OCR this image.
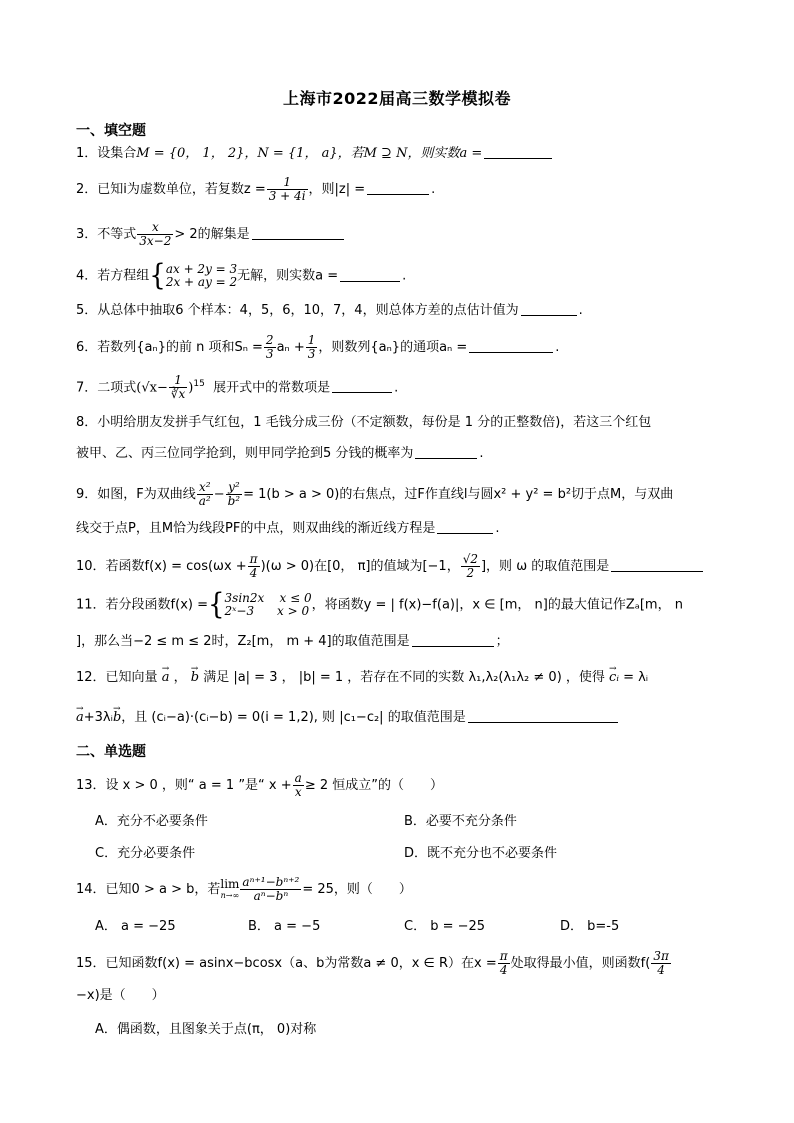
上海市2022届高三数学模拟卷
一、填空题
1．设集合M = {0， 1， 2}，N = {1， a}，若M ⊇ N，则实数a =
2．已知i为虚数单位，若复数$z = \frac{1}{3 + 4i}$ ，则|z| =	.
3．不等式 $\frac{x}{3x-2} > 2$的解集是
4．若方程组{ ax + 2y = 3
2x + ay = 2 无解，则实数a =	.
5．从总体中抽取6 个样本：4，5，6，10，7，4，则总体方差的点估计值为	.
6．若数列{aₙ}的前 n 项和$S_n = \frac{2}{3}$ $a_n + \frac{1}{3}$ ，则数列{aₙ}的通项aₙ =	.
7．二项式$(√x- \frac{1}{∛x} )^{15}$ 展开式中的常数项是	.
8．小明给朋友发拼手气红包，1 毛钱分成三份（不定额数，每份是 1 分的正整数倍)，若这三个红包
被甲、乙、丙三位同学抢到，则甲同学抢到5 分钱的概率为	.
9．如图，F为双曲线 $\frac{\text{x²}}{\text{a²}} - \frac{\text{y²}}{\text{b²}} = 1(b > a > 0)$的右焦点，过F作直线l与圆x² + y² = b²切于点M，与双曲
线交于点P，且M恰为线段PF的中点，则双曲线的渐近线方程是	.
10．若函数$f(x) = \cos(\omega x + \frac{\pi}{4} )(\omega > 0)$在[0， π]的值域为[−1， $\frac{√2}{2}$ ]，则 ω 的取值范围是
11．若分段函数f(x) ={ 3sin2x    x ≤ 0
2ˣ−3      x > 0 ，将函数y = | f(x)−f(a)|，x ∈ [m， n]的最大值记作Zₐ[m， n
]，那么当−2 ≤ m ≤ 2时，Z₂[m， m + 4]的取值范围是	；
12．已知向量 → a ， → b 满足 |a| = 3 ， |b| = 1 ，若存在不同的实数 λ₁,λ₂(λ₁λ₂ ≠ 0) ，使得 → cᵢ = λᵢ
→ a+3λᵢ→ b，且 (cᵢ−a)·(cᵢ−b) = 0(i = 1,2), 则 |c₁−c₂| 的取值范围是
二、单选题
13．设 x > 0 ，则“ a = 1 ”是“ $x + \frac{a}{x} \ge 2$ 恒成立”的（　　）
A．充分不必要条件	B．必要不充分条件
C．充分必要条件	D．既不充分也不必要条件
14．已知0 > a > b，若 lim
$n\to\infty \frac{\text{aⁿ⁺¹−bⁿ⁺²}}{\text{aⁿ−bⁿ}} = 25$，则（　　）
A． a = −25	B． a = −5	C． b = −25	D． b=-5
15．已知函数f(x) = asinx−bcosx（a、b为常数a ≠ 0，x ∈ R）在$x = \frac{\pi}{4}$ 处取得最小值，则函数$f( \frac{3\pi}{4}$
−x)是（　　）
A．偶函数，且图象关于点(π， 0)对称
